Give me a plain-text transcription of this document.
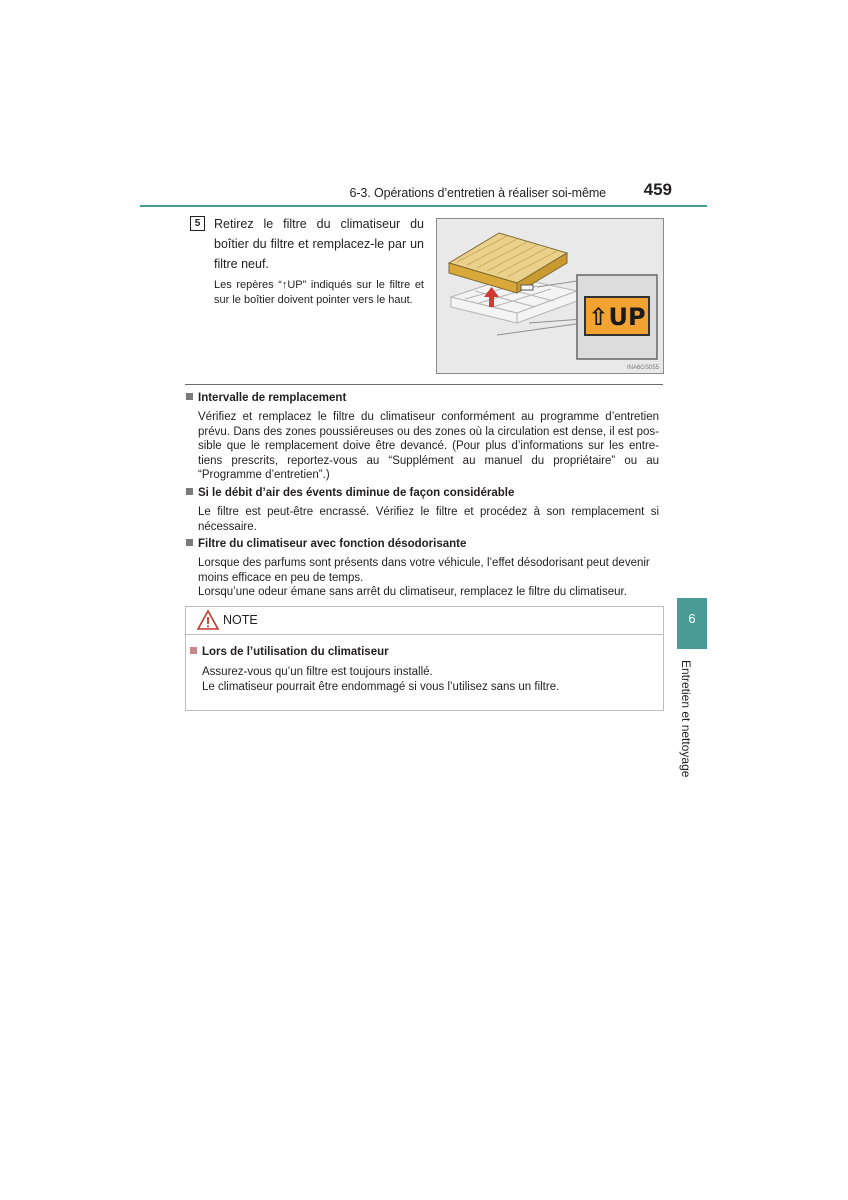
6-3. Opérations d’entretien à réaliser soi-même	459
5	Retirez le filtre du climatiseur du boîtier du filtre et remplacez-le par un filtre neuf.
Les repères “↑UP” indiqués sur le filtre et sur le boîtier doivent pointer vers le haut.
⇧UP
INA6GS055
Intervalle de remplacement
Vérifiez et remplacez le filtre du climatiseur conformément au programme d’entretien
prévu. Dans des zones poussiéreuses ou des zones où la circulation est dense, il est pos-
sible que le remplacement doive être devancé. (Pour plus d’informations sur les entre-
tiens prescrits, reportez-vous au “Supplément au manuel du propriétaire” ou au
“Programme d’entretien”.)
Si le débit d’air des évents diminue de façon considérable
Le filtre est peut-être encrassé. Vérifiez le filtre et procédez à son remplacement si
nécessaire.
Filtre du climatiseur avec fonction désodorisante
Lorsque des parfums sont présents dans votre véhicule, l’effet désodorisant peut devenir
moins efficace en peu de temps.
Lorsqu’une odeur émane sans arrêt du climatiseur, remplacez le filtre du climatiseur.
NOTE
Lors de l’utilisation du climatiseur
Assurez-vous qu’un filtre est toujours installé.
Le climatiseur pourrait être endommagé si vous l’utilisez sans un filtre.
6
Entretien et nettoyage
